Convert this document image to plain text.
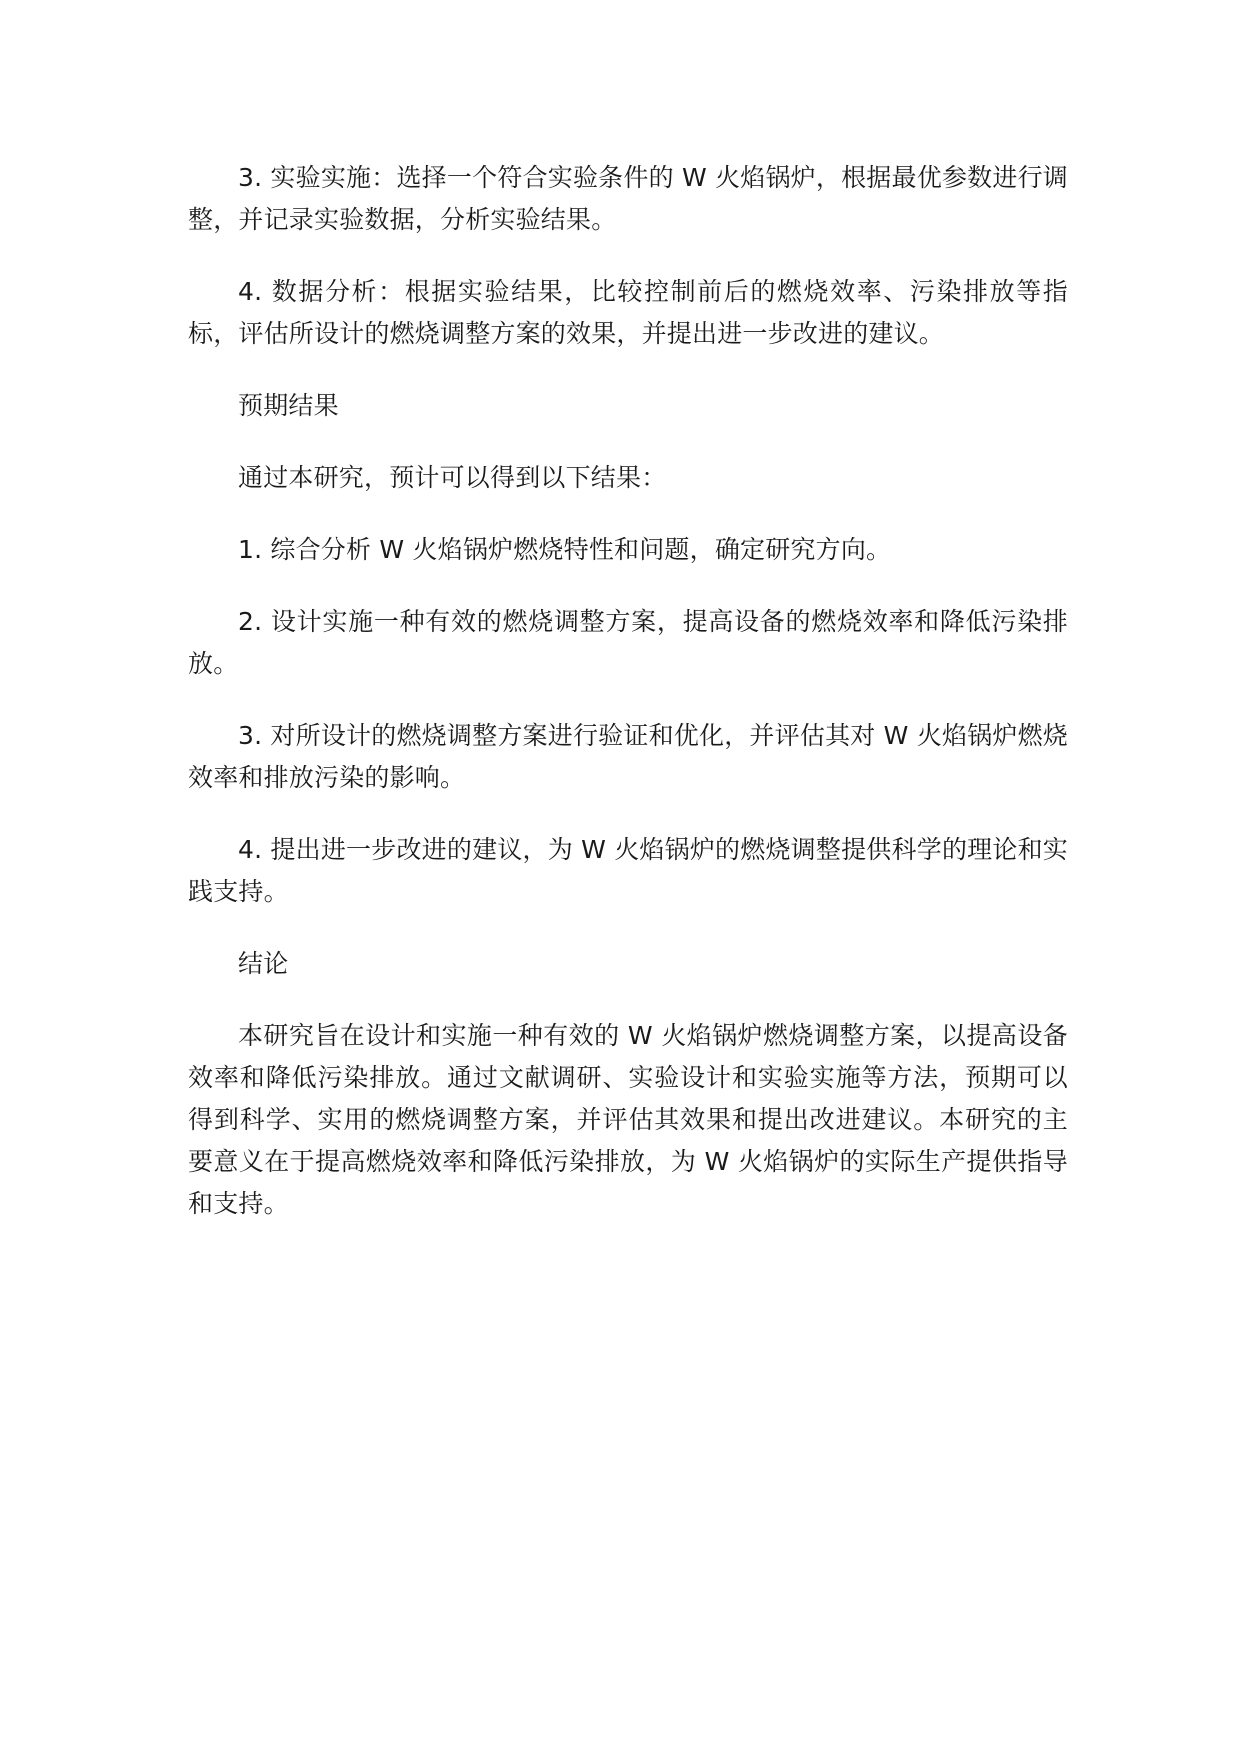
3. 实验实施：选择一个符合实验条件的 W 火焰锅炉，根据最优参数进行调整，并记录实验数据，分析实验结果。

4. 数据分析：根据实验结果，比较控制前后的燃烧效率、污染排放等指标，评估所设计的燃烧调整方案的效果，并提出进一步改进的建议。

预期结果

通过本研究，预计可以得到以下结果：

1. 综合分析 W 火焰锅炉燃烧特性和问题，确定研究方向。

2. 设计实施一种有效的燃烧调整方案，提高设备的燃烧效率和降低污染排放。

3. 对所设计的燃烧调整方案进行验证和优化，并评估其对 W 火焰锅炉燃烧效率和排放污染的影响。

4. 提出进一步改进的建议，为 W 火焰锅炉的燃烧调整提供科学的理论和实践支持。

结论

本研究旨在设计和实施一种有效的 W 火焰锅炉燃烧调整方案，以提高设备效率和降低污染排放。通过文献调研、实验设计和实验实施等方法，预期可以得到科学、实用的燃烧调整方案，并评估其效果和提出改进建议。本研究的主要意义在于提高燃烧效率和降低污染排放，为 W 火焰锅炉的实际生产提供指导和支持。
